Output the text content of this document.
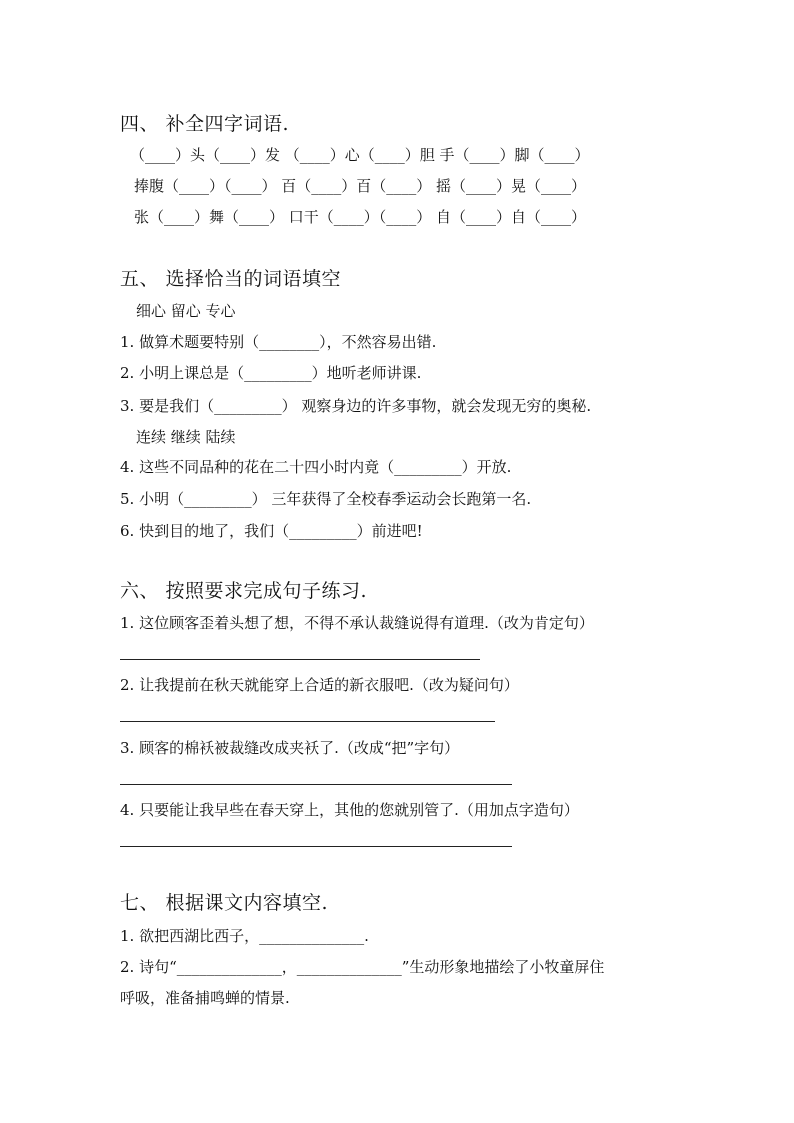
四、 补全四字词语.
（____）头（____）发 （____）心（____）胆 手（____）脚（____）
捧腹（____）（____） 百（____）百（____） 摇（____）晃（____）
张（____）舞（____） 口干（____）（____） 自（____）自（____）
五、 选择恰当的词语填空
细心 留心 专心
1. 做算术题要特别（________），不然容易出错.
2. 小明上课总是（_________）地听老师讲课.
3. 要是我们（_________） 观察身边的许多事物，就会发现无穷的奥秘.
连续 继续 陆续
4. 这些不同品种的花在二十四小时内竟（_________）开放.
5. 小明（_________） 三年获得了全校春季运动会长跑第一名.
6. 快到目的地了，我们（_________）前进吧!
六、 按照要求完成句子练习.
1. 这位顾客歪着头想了想，不得不承认裁缝说得有道理.（改为肯定句）
2. 让我提前在秋天就能穿上合适的新衣服吧.（改为疑问句）
3. 顾客的棉袄被裁缝改成夹袄了.（改成“把”字句）
4. 只要能让我早些在春天穿上，其他的您就别管了.（用加点字造句）
七、 根据课文内容填空.
1. 欲把西湖比西子，______________.
2. 诗句“______________，______________”生动形象地描绘了小牧童屏住
呼吸，准备捕鸣蝉的情景.
